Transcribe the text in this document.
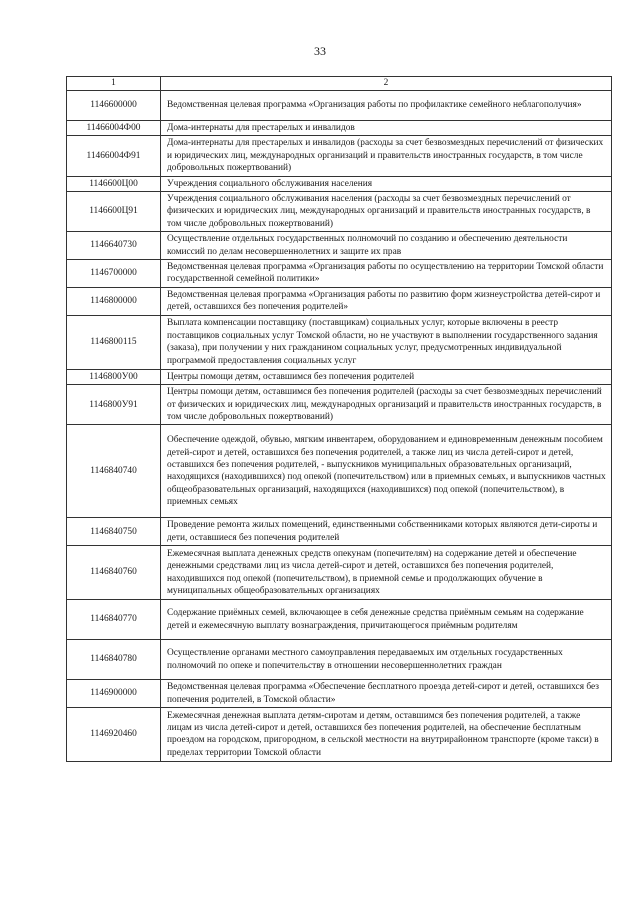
33
1	2
1146600000	Ведомственная целевая программа «Организация работы по профилактике семейного неблагополучия»
11466004Ф00	Дома-интернаты для престарелых и инвалидов
11466004Ф91	Дома-интернаты для престарелых и инвалидов (расходы за счет безвозмездных перечислений от физических и юридических лиц, международных организаций и правительств иностранных государств, в том числе добровольных пожертвований)
1146600Ц00	Учреждения социального обслуживания населения
1146600Ц91	Учреждения социального обслуживания населения (расходы за счет безвозмездных перечислений от физических и юридических лиц, международных организаций и правительств иностранных государств, в том числе добровольных пожертвований)
1146640730	Осуществление отдельных государственных полномочий по созданию и обеспечению деятельности комиссий по делам несовершеннолетних и защите их прав
1146700000	Ведомственная целевая программа «Организация работы по осуществлению на территории Томской области государственной семейной политики»
1146800000	Ведомственная целевая программа «Организация работы по развитию форм жизнеустройства детей-сирот и детей, оставшихся без попечения родителей»
1146800115	Выплата компенсации поставщику (поставщикам) социальных услуг, которые включены в реестр поставщиков социальных услуг Томской области, но не участвуют в выполнении государственного задания (заказа), при получении у них гражданином социальных услуг, предусмотренных индивидуальной программой предоставления социальных услуг
1146800У00	Центры помощи детям, оставшимся без попечения родителей
1146800У91	Центры помощи детям, оставшимся без попечения родителей (расходы за счет безвозмездных перечислений от физических и юридических лиц, международных организаций и правительств иностранных государств, в том числе добровольных пожертвований)
1146840740	Обеспечение одеждой, обувью, мягким инвентарем, оборудованием и единовременным денежным пособием детей-сирот и детей, оставшихся без попечения родителей, а также лиц из числа детей-сирот и детей, оставшихся без попечения родителей, - выпускников муниципальных образовательных организаций, находящихся (находившихся) под опекой (попечительством) или в приемных семьях, и выпускников частных общеобразовательных организаций, находящихся (находившихся) под опекой (попечительством), в приемных семьях
1146840750	Проведение ремонта жилых помещений, единственными собственниками которых являются дети-сироты и дети, оставшиеся без попечения родителей
1146840760	Ежемесячная выплата денежных средств опекунам (попечителям) на содержание детей и обеспечение денежными средствами лиц из числа детей-сирот и детей, оставшихся без попечения родителей, находившихся под опекой (попечительством), в приемной семье и продолжающих обучение в муниципальных общеобразовательных организациях
1146840770	Содержание приёмных семей, включающее в себя денежные средства приёмным семьям на содержание детей и ежемесячную выплату вознаграждения, причитающегося приёмным родителям
1146840780	Осуществление органами местного самоуправления передаваемых им отдельных государственных полномочий по опеке и попечительству в отношении несовершеннолетних граждан
1146900000	Ведомственная целевая программа «Обеспечение бесплатного проезда детей-сирот и детей, оставшихся без попечения родителей, в Томской области»
1146920460	Ежемесячная денежная выплата детям-сиротам и детям, оставшимся без попечения родителей, а также лицам из числа детей-сирот и детей, оставшихся без попечения родителей, на обеспечение бесплатным проездом на городском, пригородном, в сельской местности на внутрирайонном транспорте (кроме такси) в пределах территории Томской области
